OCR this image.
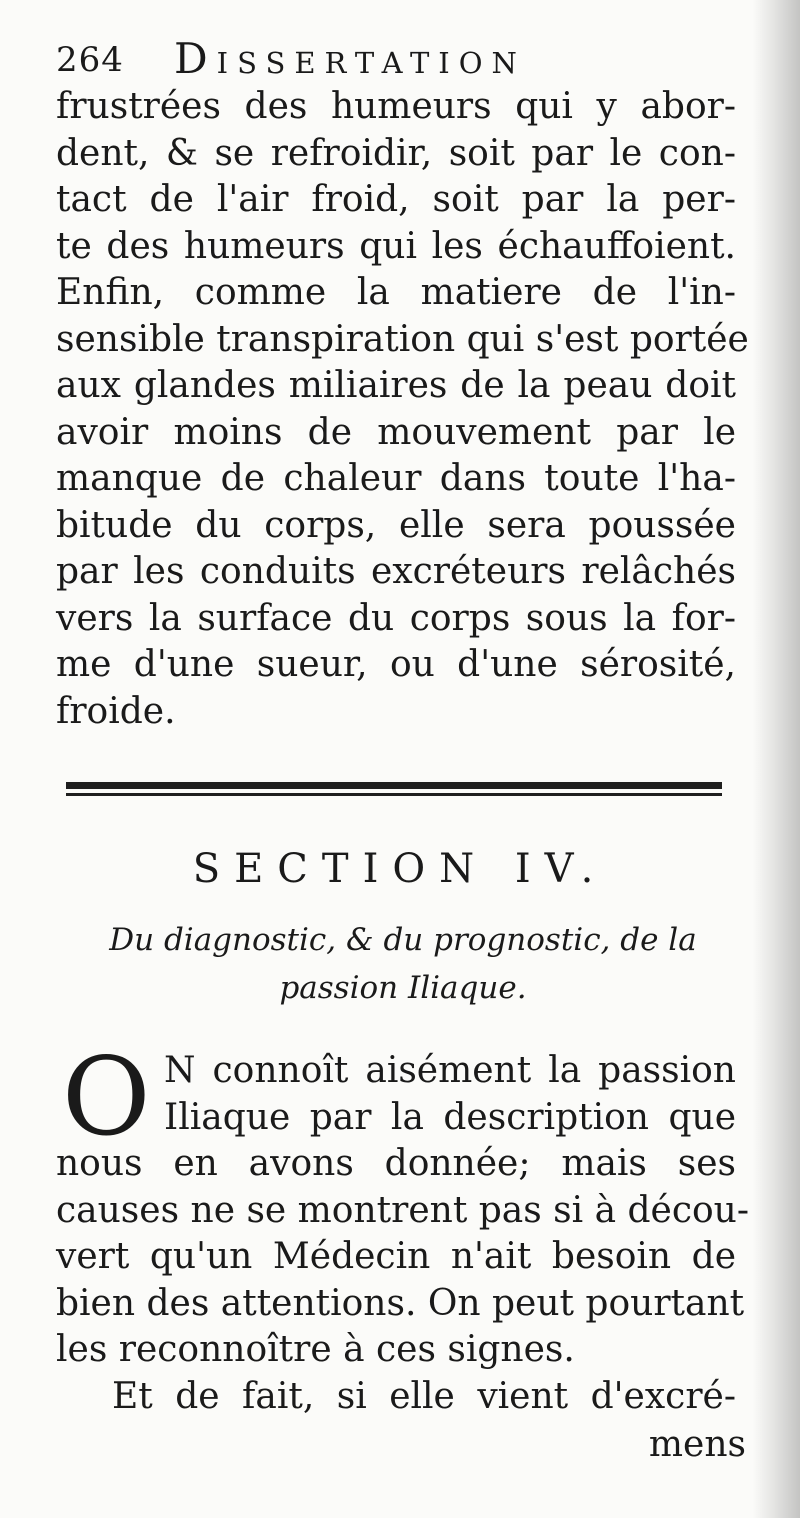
264 Dissertation
frustrées des humeurs qui y abor-
dent, & se refroidir, soit par le con-
tact de l'air froid, soit par la per-
te des humeurs qui les échauffoient.
Enfin, comme la matiere de l'in-
sensible transpiration qui s'est portée
aux glandes miliaires de la peau doit
avoir moins de mouvement par le
manque de chaleur dans toute l'ha-
bitude du corps, elle sera poussée
par les conduits excréteurs relâchés
vers la surface du corps sous la for-
me d'une sueur, ou d'une sérosité,
froide.
SECTION IV.
Du diagnostic, & du prognostic, de la
passion Iliaque.
O N connoît aisément la passion
Iliaque par la description que
nous en avons donnée; mais ses
causes ne se montrent pas si à décou-
vert qu'un Médecin n'ait besoin de
bien des attentions. On peut pourtant
les reconnoître à ces signes.
Et de fait, si elle vient d'excré-
mens
